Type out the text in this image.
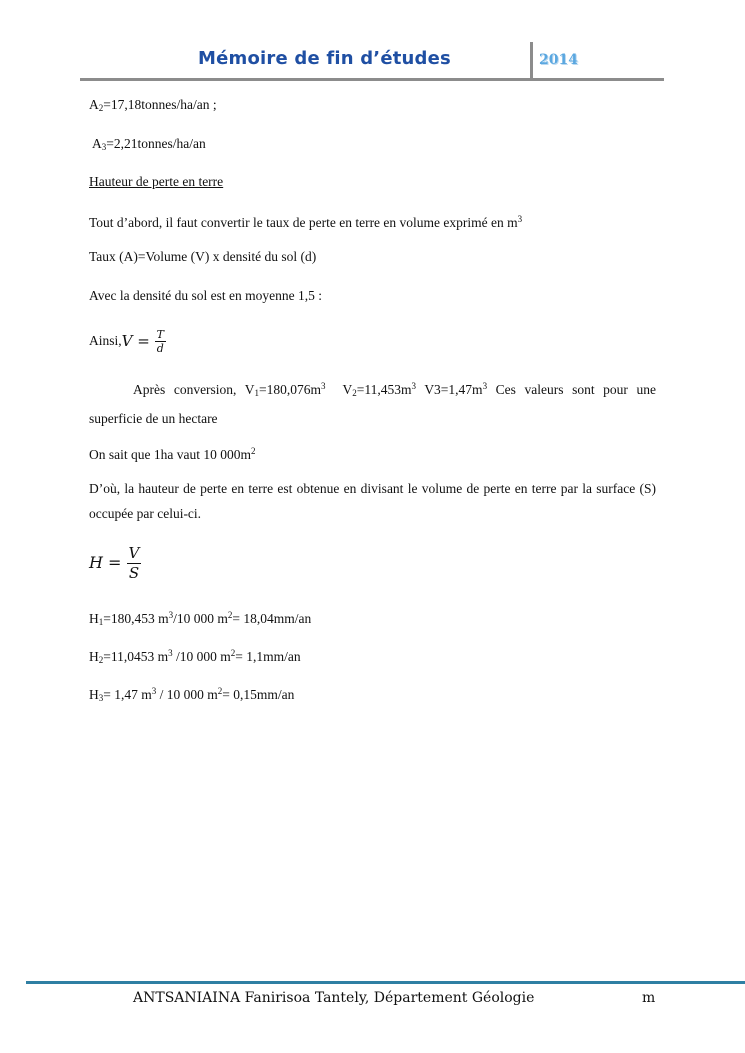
Mémoire de fin d’études	2014
$A_2=17,18tonnes/ha/an$ ;
$A_3=2,21tonnes/ha/an$
Hauteur de perte en terre
Tout d’abord, il faut convertir le taux de perte en terre en volume exprimé en $m^3$
Taux (A)=Volume (V) x densité du sol (d)
Avec la densité du sol est en moyenne 1,5 :
Ainsi, $V = \frac{T}{d}$
Après conversion, $V_1=180,076m^3$ $V_2=11,453m^3$ $V3=1,47m^3$ Ces valeurs sont pour une superficie de un hectare
On sait que 1ha vaut 10 $000m^2$
D’où, la hauteur de perte en terre est obtenue en divisant le volume de perte en terre par la surface (S) occupée par celui-ci.
$H = \frac{V}{S}$
$H_1=180,453$ $m^3/10$ 000 $m^2= 18,04mm/an$
$H_2=11,0453$ $m^3$ /10 000 $m^2= 1,1mm/an$
$H_3= 1,47$ $m^3 / 10$ 000 $m^2= 0,15mm/an$
ANTSANIAINA Fanirisoa Tantely, Département Géologie	m
